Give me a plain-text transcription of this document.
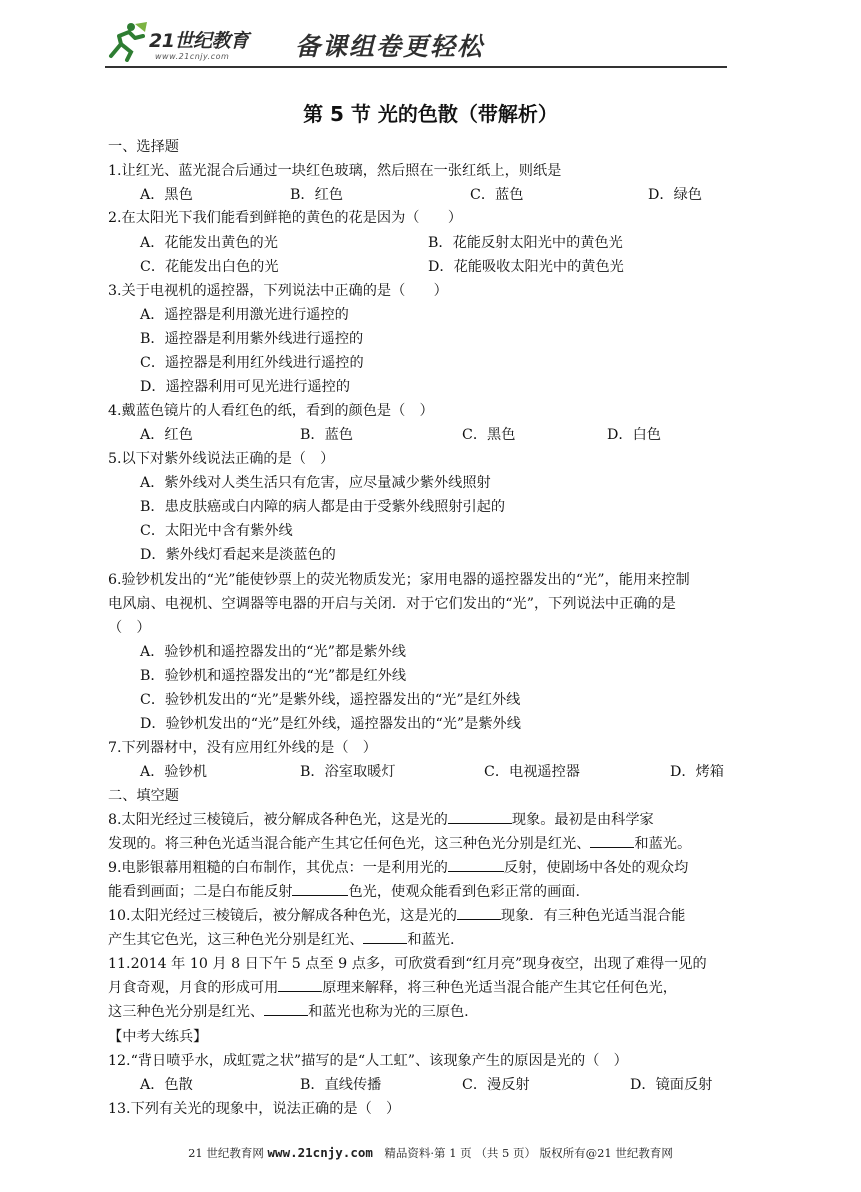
21世纪教育
www.21cnjy.com	备课组卷更轻松
第 5 节 光的色散（带解析）
一、选择题
1.让红光、蓝光混合后通过一块红色玻璃，然后照在一张红纸上，则纸是
A．黑色	B．红色	C．蓝色	D．绿色
2.在太阳光下我们能看到鲜艳的黄色的花是因为（　　）
A．花能发出黄色的光	B．花能反射太阳光中的黄色光
C．花能发出白色的光	D．花能吸收太阳光中的黄色光
3.关于电视机的遥控器，下列说法中正确的是（　　）
A．遥控器是利用激光进行遥控的
B．遥控器是利用紫外线进行遥控的
C．遥控器是利用红外线进行遥控的
D．遥控器利用可见光进行遥控的
4.戴蓝色镜片的人看红色的纸，看到的颜色是（　）
A．红色	B．蓝色	C．黑色	D．白色
5.以下对紫外线说法正确的是（　）
A．紫外线对人类生活只有危害，应尽量减少紫外线照射
B．患皮肤癌或白内障的病人都是由于受紫外线照射引起的
C．太阳光中含有紫外线
D．紫外线灯看起来是淡蓝色的
6.验钞机发出的“光”能使钞票上的荧光物质发光；家用电器的遥控器发出的“光”，能用来控制
电风扇、电视机、空调器等电器的开启与关闭．对于它们发出的“光”，下列说法中正确的是
（　）
A．验钞机和遥控器发出的“光”都是紫外线
B．验钞机和遥控器发出的“光”都是红外线
C．验钞机发出的“光”是紫外线，遥控器发出的“光”是红外线
D．验钞机发出的“光”是红外线，遥控器发出的“光”是紫外线
7.下列器材中，没有应用红外线的是（　）
A．验钞机	B．浴室取暖灯	C．电视遥控器	D．烤箱
二、填空题
8.太阳光经过三棱镜后，被分解成各种色光，这是光的	现象。最初是由科学家
发现的。将三种色光适当混合能产生其它任何色光，这三种色光分别是红光、	和蓝光。
9.电影银幕用粗糙的白布制作，其优点：一是利用光的	反射，使剧场中各处的观众均
能看到画面；二是白布能反射	色光，使观众能看到色彩正常的画面.
10.太阳光经过三棱镜后，被分解成各种色光，这是光的	现象．有三种色光适当混合能
产生其它色光，这三种色光分别是红光、	和蓝光.
11.2014 年 10 月 8 日下午 5 点至 9 点多，可欣赏看到“红月亮”现身夜空，出现了难得一见的
月食奇观，月食的形成可用	原理来解释，将三种色光适当混合能产生其它任何色光，
这三种色光分别是红光、	和蓝光也称为光的三原色.
【中考大练兵】
12.“背日喷乎水，成虹霓之状”描写的是“人工虹”、该现象产生的原因是光的（　）
A．色散	B．直线传播	C．漫反射	D．镜面反射
13.下列有关光的现象中，说法正确的是（　）
21 世纪教育网 www.21cnjy.com　精品资料·第 1 页 （共 5 页） 版权所有@21 世纪教育网
